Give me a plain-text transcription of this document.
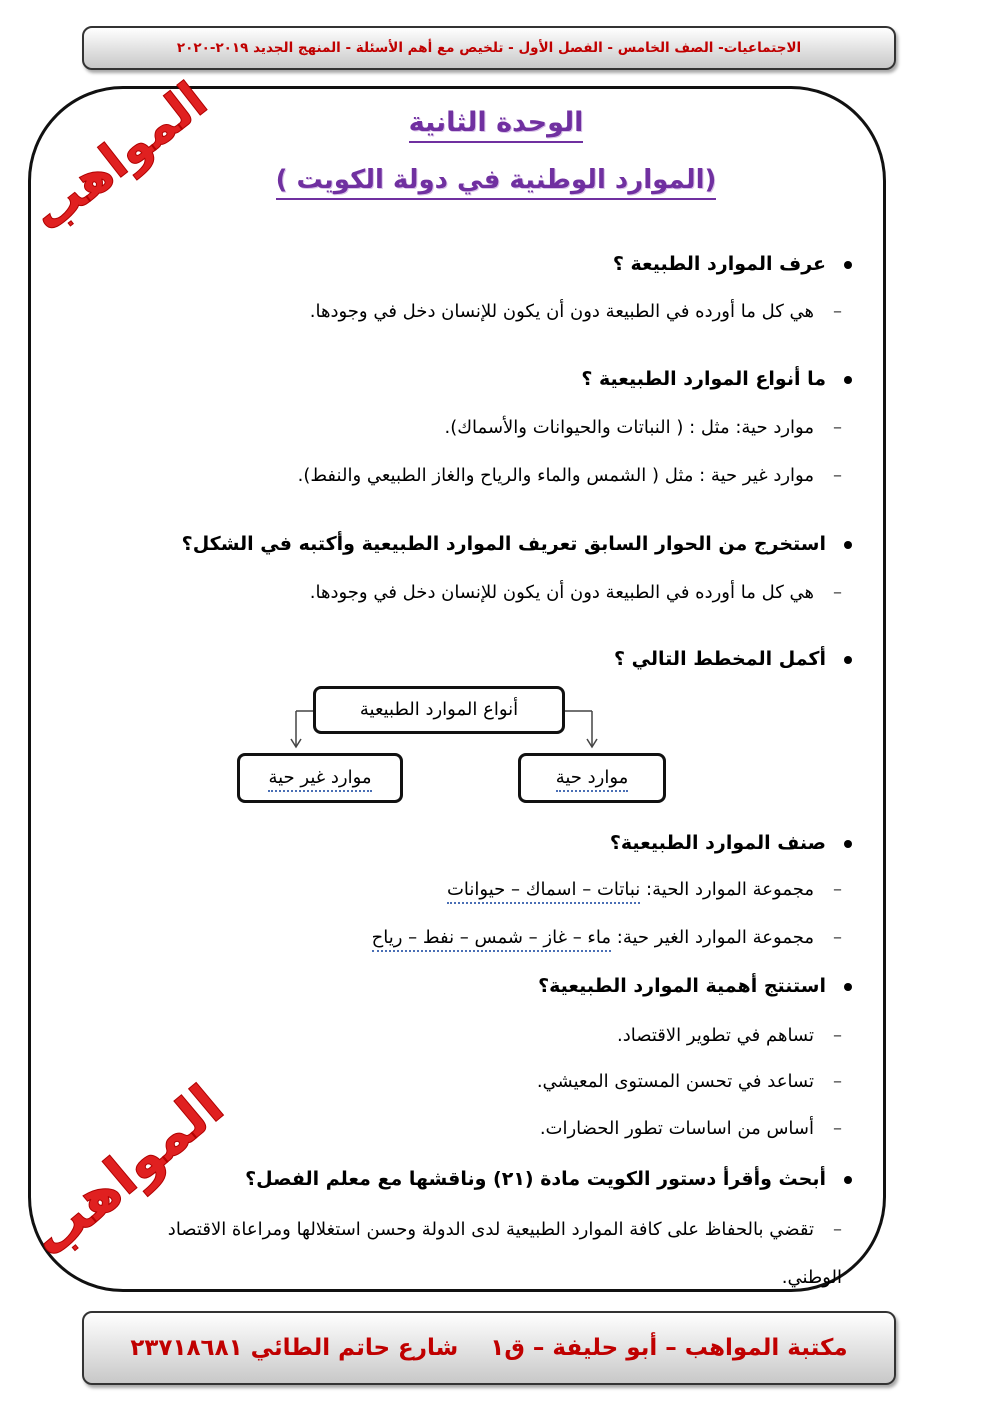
الاجتماعيات- الصف الخامس - الفصل الأول - تلخيص مع أهم الأسئلة - المنهج الجديد ٢٠١٩-٢٠٢٠
المواهب
المواهب
الوحدة الثانية
(الموارد الوطنية في دولة الكويت )
عرف الموارد الطبيعة ؟
–هي كل ما أورده في الطبيعة دون أن يكون للإنسان دخل في وجودها.
ما أنواع الموارد الطبيعية ؟
–موارد حية: مثل : ( النباتات والحيوانات والأسماك).
–موارد غير حية : مثل ( الشمس والماء والرياح والغاز الطبيعي والنفط).
استخرج من الحوار السابق تعريف الموارد الطبيعية وأكتبه في الشكل؟
–هي كل ما أورده في الطبيعة دون أن يكون للإنسان دخل في وجودها.
أكمل المخطط التالي ؟
أنواع الموارد الطبيعية
موارد غير حية	موارد حية
صنف الموارد الطبيعية؟
–مجموعة الموارد الحية: نباتات – اسماك – حيوانات
–مجموعة الموارد الغير حية: ماء – غاز – شمس – نفط – رياح
استنتج أهمية الموارد الطبيعية؟
–تساهم في تطوير الاقتصاد.
–تساعد في تحسن المستوى المعيشي.
–أساس من اساسات تطور الحضارات.
أبحث وأقرأ دستور الكويت مادة (٢١) وناقشها مع معلم الفصل؟
–تقضي بالحفاظ على كافة الموارد الطبيعية لدى الدولة وحسن استغلالها ومراعاة الاقتصاد الوطني.
مكتبة المواهب – أبو حليفة – ق١    شارع حاتم الطائي ٢٣٧١٨٦٨١
